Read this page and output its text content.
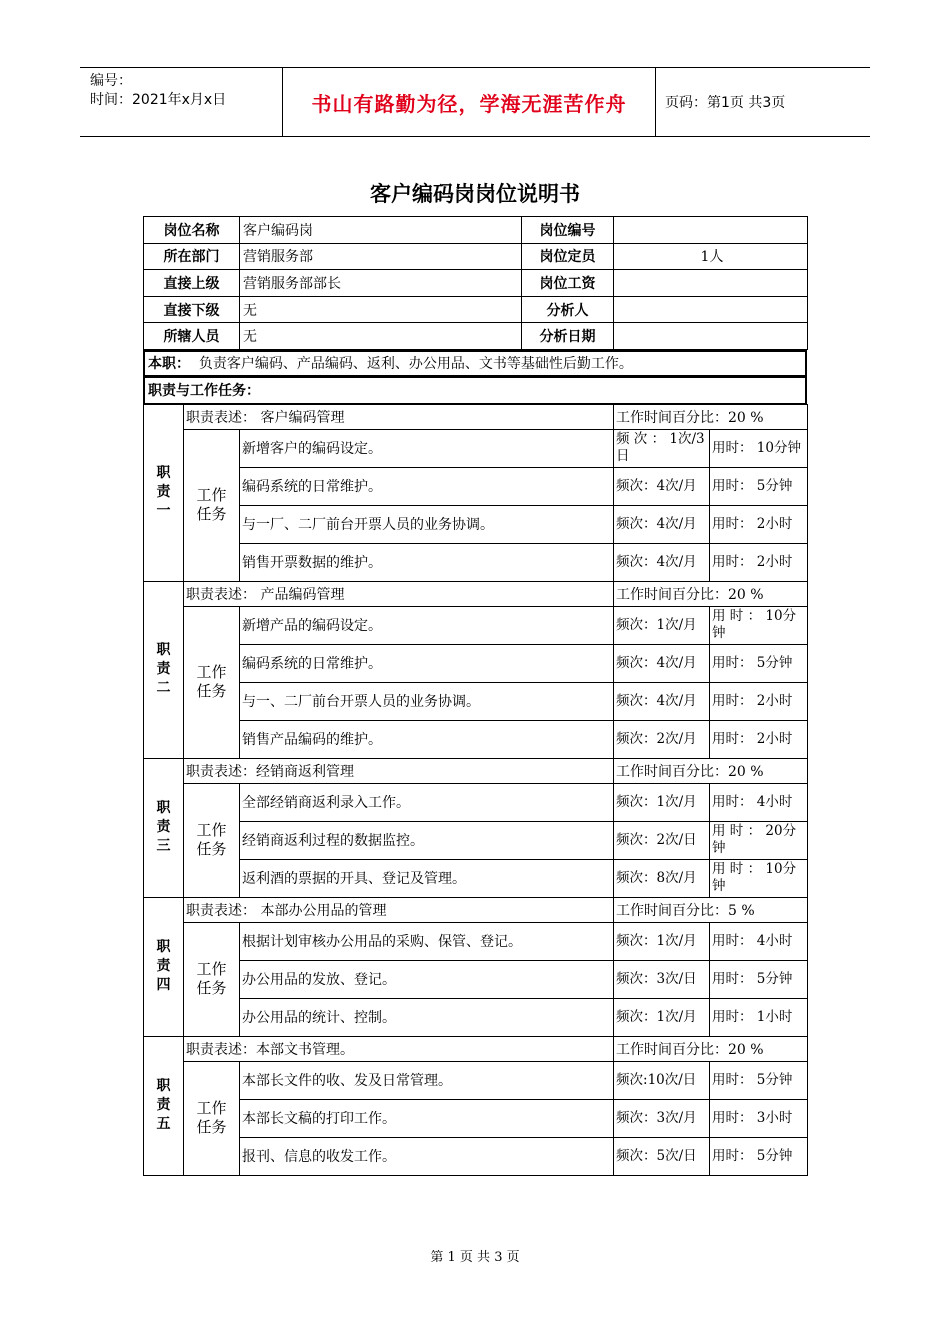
编号：
时间：2021年x月x日	书山有路勤为径，学海无涯苦作舟	页码：第1页 共3页
客户编码岗岗位说明书
岗位名称	客户编码岗	岗位编号	
所在部门	营销服务部	岗位定员	1人
直接上级	营销服务部部长	岗位工资	
直接下级	无	分析人	
所辖人员	无	分析日期	
本职：
负责客户编码、产品编码、返利、办公用品、文书等基础性后勤工作。
职责与工作任务：
职
责
一	职责表述： 客户编码管理		工作时间百分比：20 %	

	工作
任务	新增客户的编码设定。	频 次 ： 1次/3日	用时： 10分钟
		编码系统的日常维护。	频次：4次/月	用时： 5分钟
		与一厂、二厂前台开票人员的业务协调。	频次：4次/月	用时： 2小时
		销售开票数据的维护。	频次：4次/月	用时： 2小时

职
责
二	职责表述： 产品编码管理		工作时间百分比：20 %	

	工作
任务	新增产品的编码设定。	频次：1次/月	用 时 ： 10分钟
		编码系统的日常维护。	频次：4次/月	用时： 5分钟
		与一、二厂前台开票人员的业务协调。	频次：4次/月	用时： 2小时
		销售产品编码的维护。	频次：2次/月	用时： 2小时

职
责
三	职责表述：经销商返利管理		工作时间百分比：20 %	

	工作
任务	全部经销商返利录入工作。	频次：1次/月	用时： 4小时
		经销商返利过程的数据监控。	频次：2次/日	用 时 ： 20分钟
		返利酒的票据的开具、登记及管理。	频次：8次/月	用 时 ： 10分钟

职
责
四	职责表述： 本部办公用品的管理		工作时间百分比：5 %	

	工作
任务	根据计划审核办公用品的采购、保管、登记。	频次：1次/月	用时： 4小时
		办公用品的发放、登记。	频次：3次/日	用时： 5分钟
		办公用品的统计、控制。	频次：1次/月	用时： 1小时

职
责
五	职责表述：本部文书管理。		工作时间百分比：20 %	

	工作
任务	本部长文件的收、发及日常管理。	频次:10次/日	用时： 5分钟
		本部长文稿的打印工作。	频次：3次/月	用时： 3小时
		报刊、信息的收发工作。	频次：5次/日	用时： 5分钟
第 1 页 共 3 页
